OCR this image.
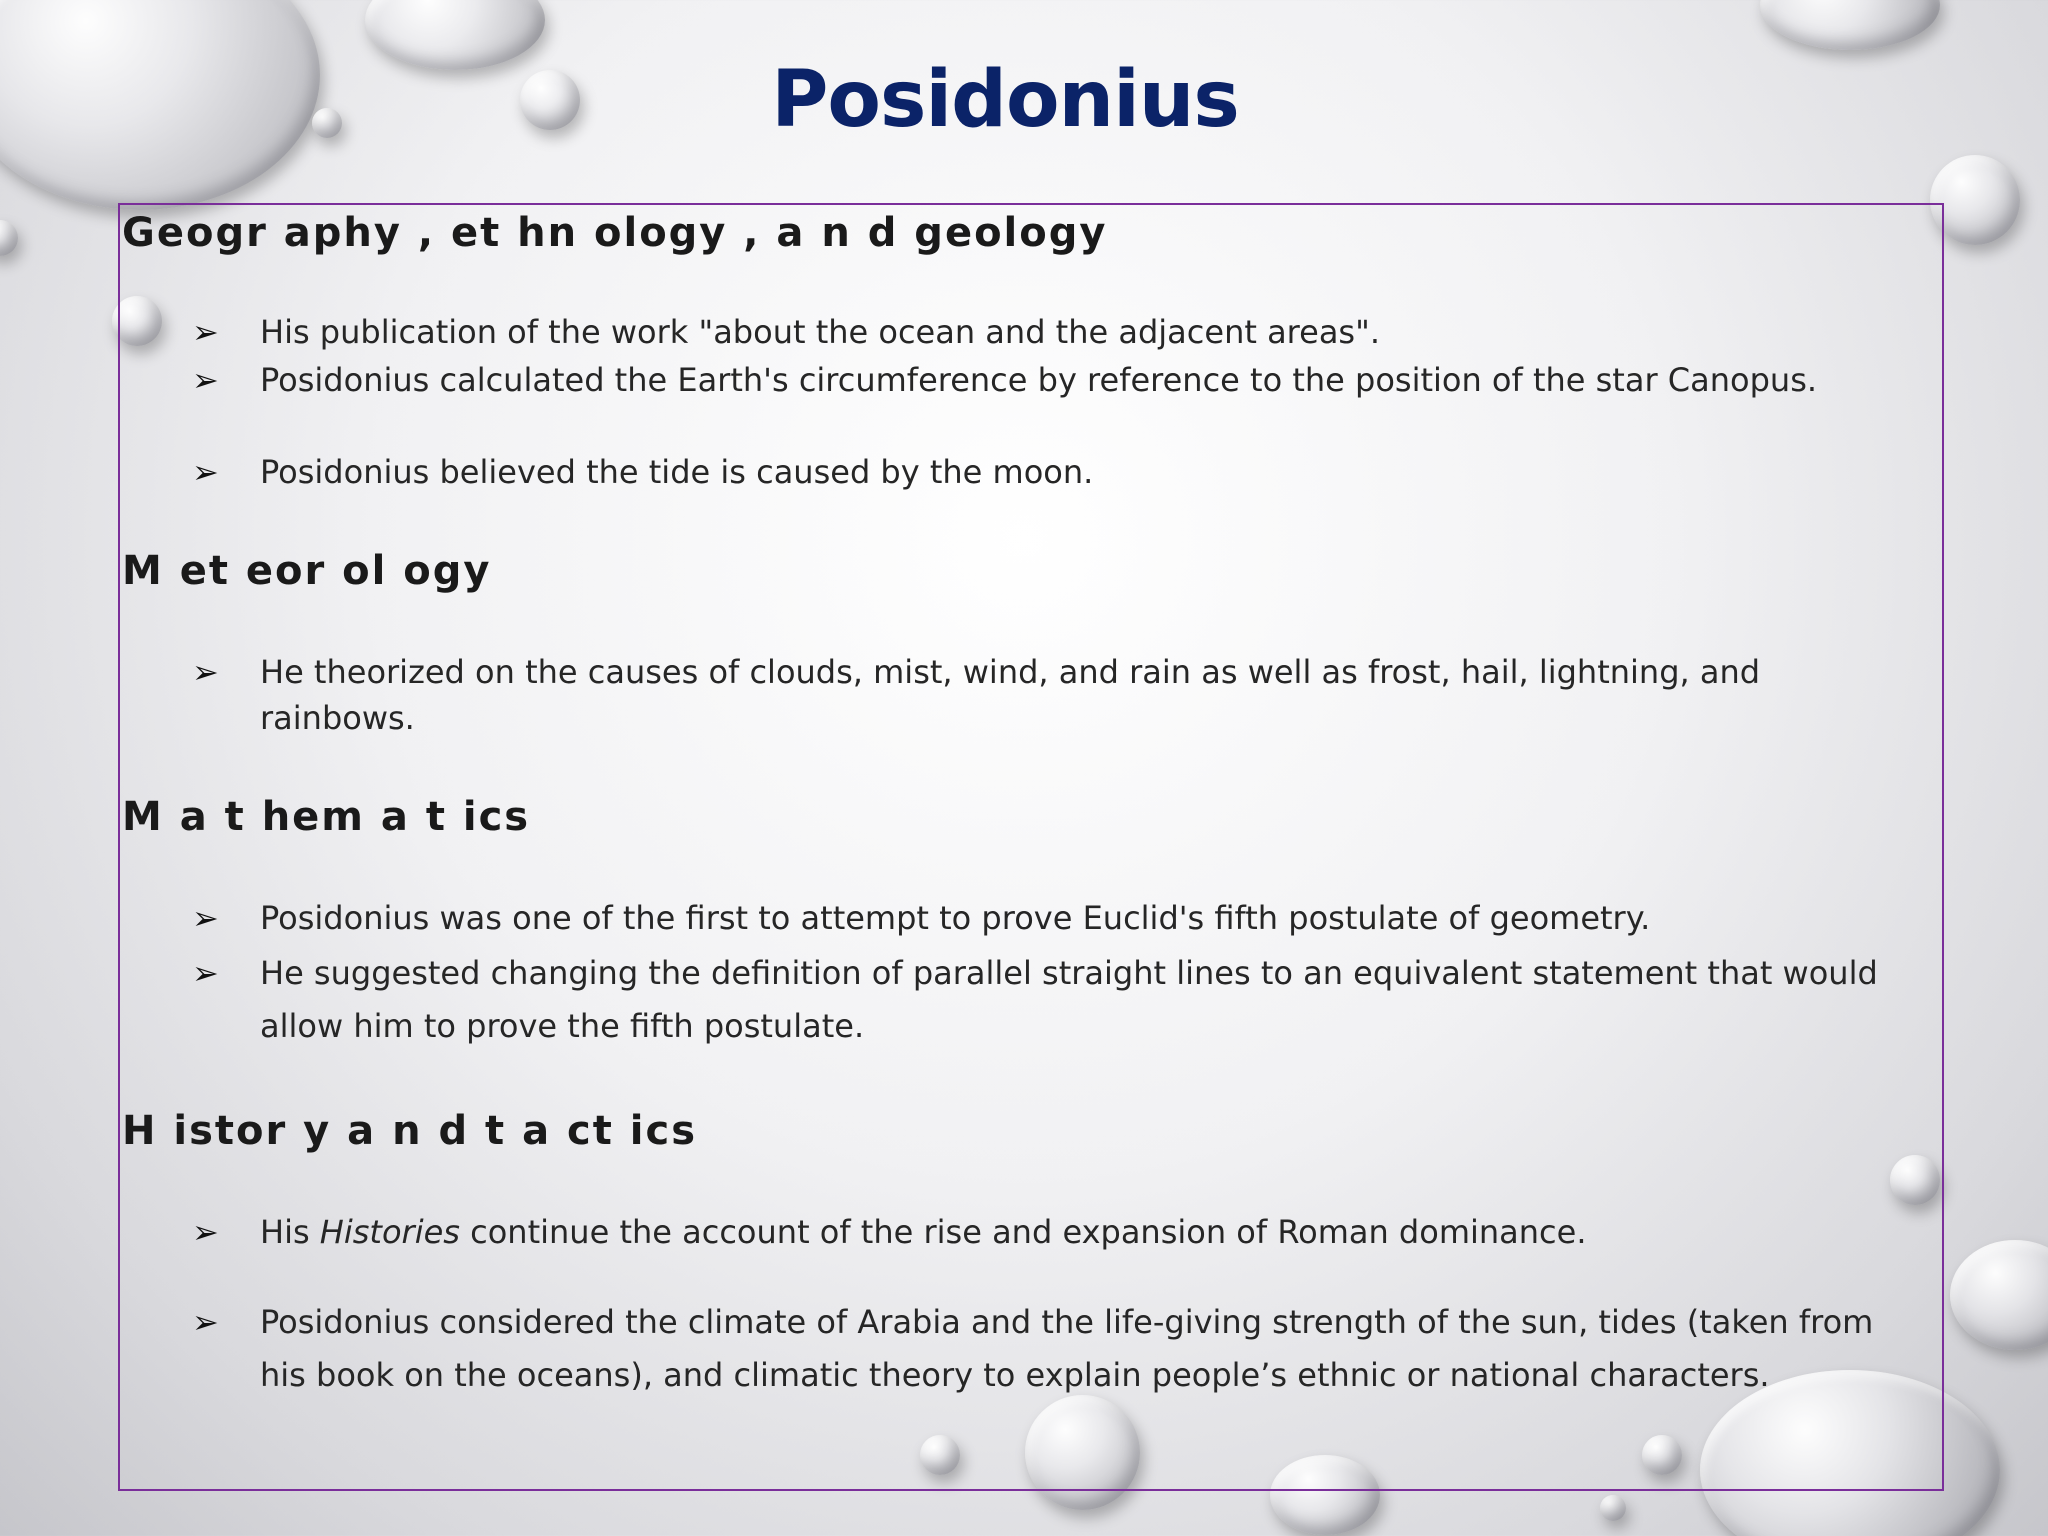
Posidonius
Geogr aphy , et hn ology , a n d geology
➢	His publication of the work "about the ocean and the adjacent areas".
➢	Posidonius calculated the Earth's circumference by reference to the position of the star Canopus.
➢	Posidonius believed the tide is caused by the moon.
M et eor ol ogy
➢	He theorized on the causes of clouds, mist, wind, and rain as well as frost, hail, lightning, and rainbows.
M a t hem a t ics
➢	Posidonius was one of the first to attempt to prove Euclid's fifth postulate of geometry.
➢	He suggested changing the definition of parallel straight lines to an equivalent statement that would allow him to prove the fifth postulate.
H istor y a n d t a ct ics
➢	His Histories continue the account of the rise and expansion of Roman dominance.
➢	Posidonius considered the climate of Arabia and the life-giving strength of the sun, tides (taken from his book on the oceans), and climatic theory to explain people’s ethnic or national characters.
